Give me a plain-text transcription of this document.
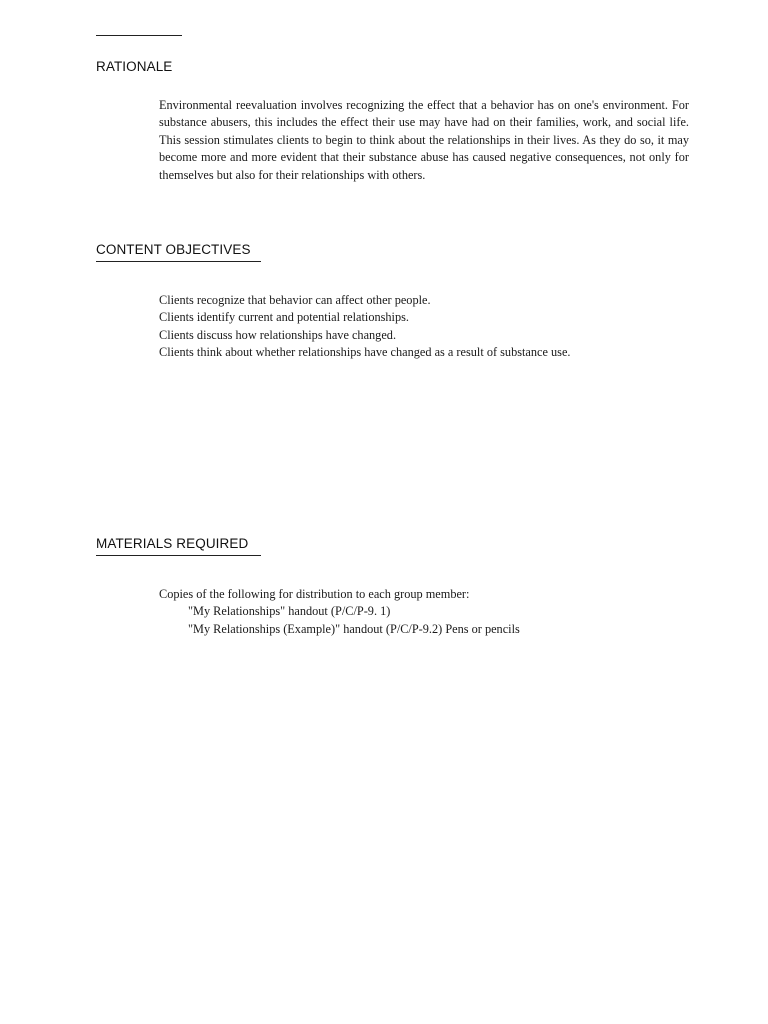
RATIONALE
Environmental reevaluation involves recognizing the effect that a behavior has on one's environment. For substance abusers, this includes the effect their use may have had on their families, work, and social life. This session stimulates clients to begin to think about the relationships in their lives. As they do so, it may become more and more evident that their substance abuse has caused negative consequences, not only for themselves but also for their relationships with others.
CONTENT OBJECTIVES
Clients recognize that behavior can affect other people.
Clients identify current and potential relationships.
Clients discuss how relationships have changed.
Clients think about whether relationships have changed as a result of substance use.
MATERIALS REQUIRED
Copies of the following for distribution to each group member:
"My Relationships" handout (P/C/P-9. 1)
"My Relationships (Example)" handout (P/C/P-9.2) Pens or pencils
